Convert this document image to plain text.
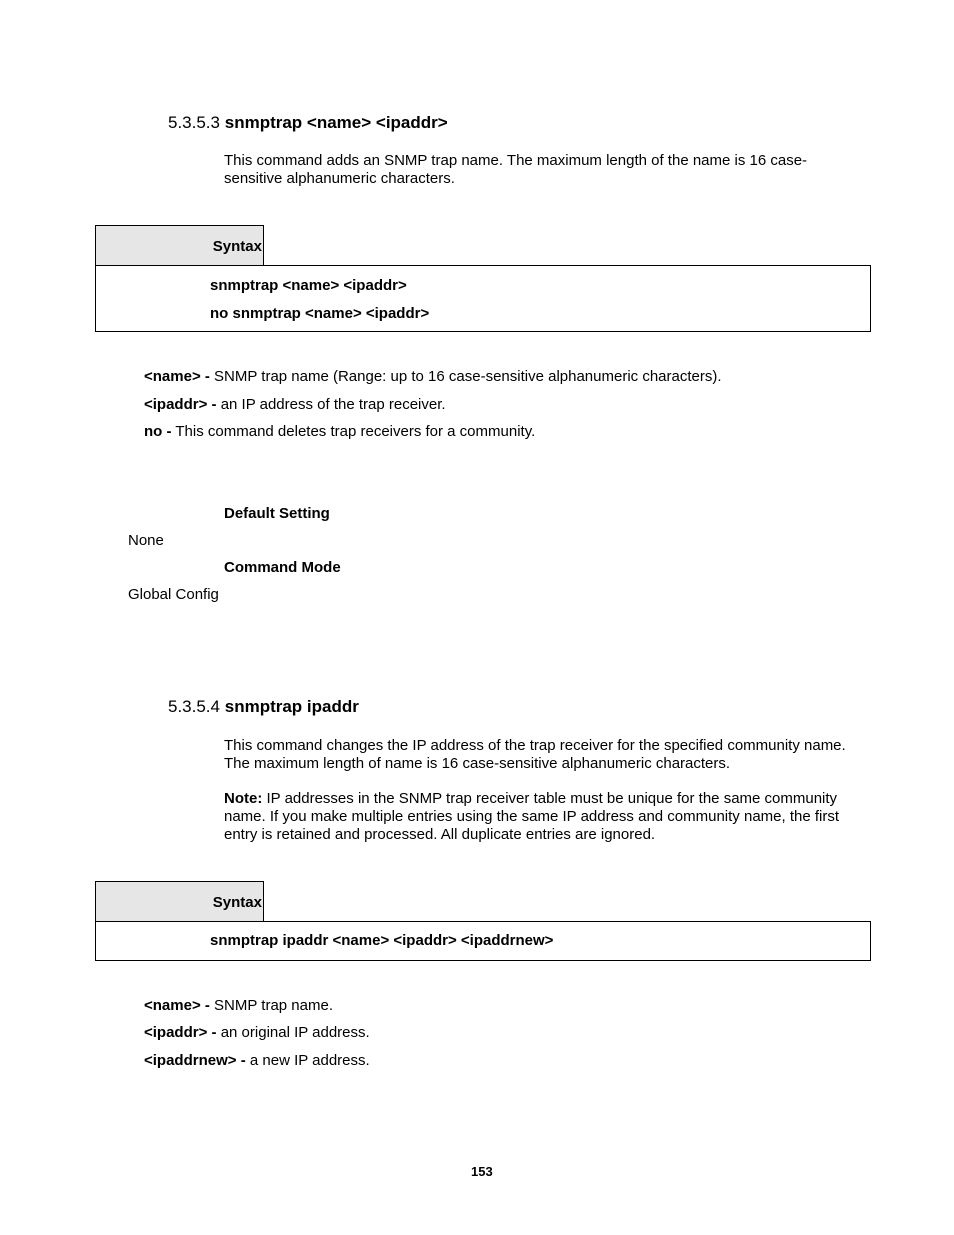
5.3.5.3 snmptrap <name> <ipaddr>
This command adds an SNMP trap name. The maximum length of the name is 16 case-sensitive alphanumeric characters.
Syntax
snmptrap <name> <ipaddr>
no snmptrap <name> <ipaddr>
<name> - SNMP trap name (Range: up to 16 case-sensitive alphanumeric characters).
<ipaddr> - an IP address of the trap receiver.
no - This command deletes trap receivers for a community.
Default Setting
None
Command Mode
Global Config
5.3.5.4 snmptrap ipaddr
This command changes the IP address of the trap receiver for the specified community name. The maximum length of name is 16 case-sensitive alphanumeric characters.
Note: IP addresses in the SNMP trap receiver table must be unique for the same community name. If you make multiple entries using the same IP address and community name, the first entry is retained and processed. All duplicate entries are ignored.
Syntax
snmptrap ipaddr <name> <ipaddr> <ipaddrnew>
<name> - SNMP trap name.
<ipaddr> - an original IP address.
<ipaddrnew> - a new IP address.
153
